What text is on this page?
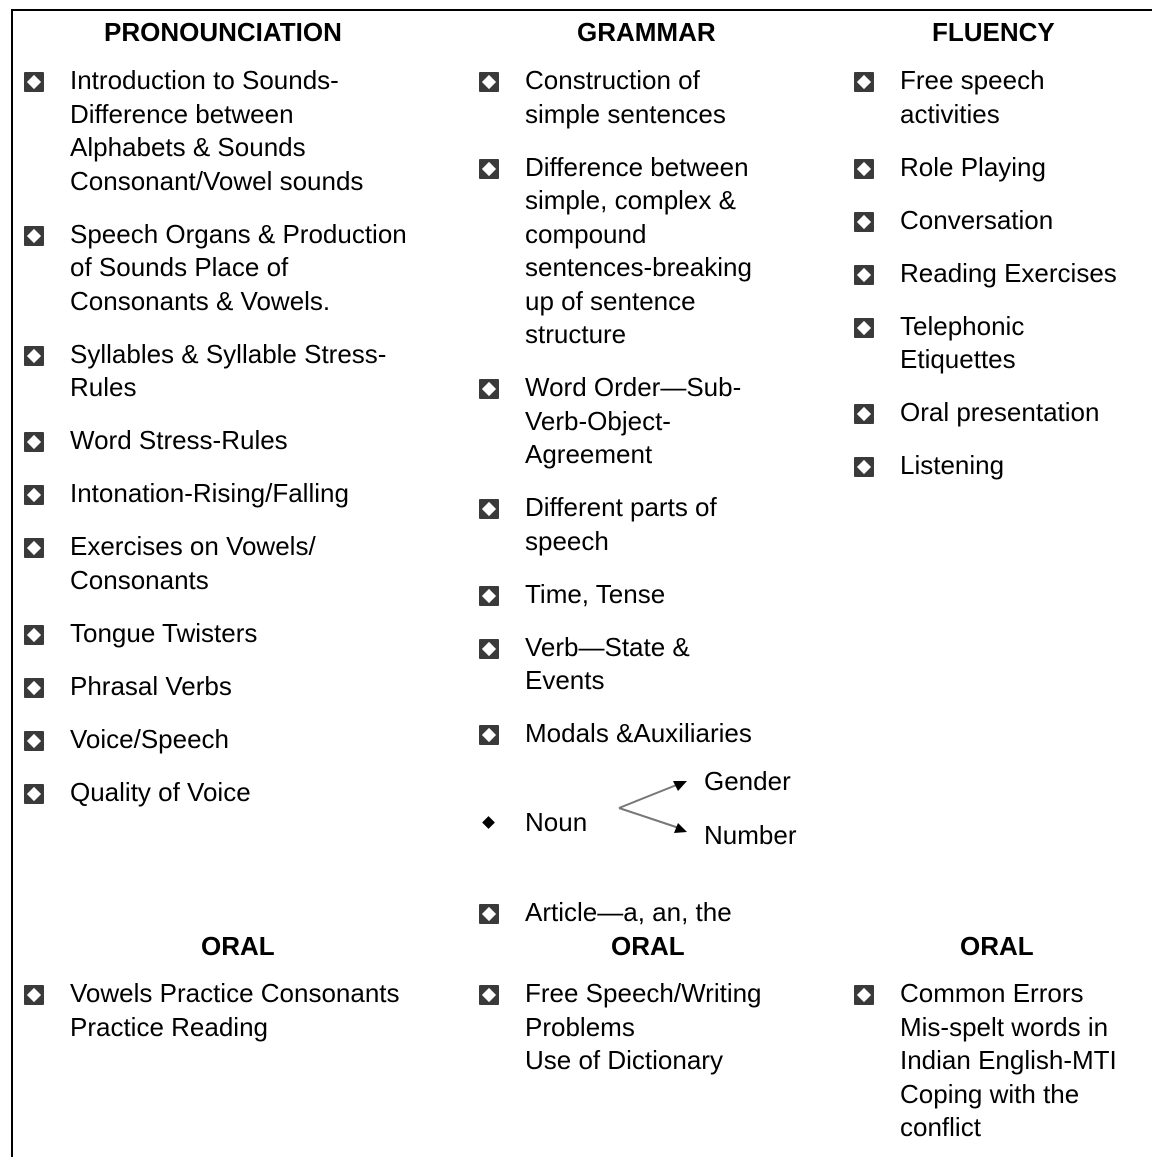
PRONOUNCIATION
Introduction to Sounds-
Difference between
Alphabets & Sounds
Consonant/Vowel sounds
Speech Organs & Production
of Sounds Place of
Consonants & Vowels.
Syllables & Syllable Stress-
Rules
Word Stress-Rules
Intonation-Rising/Falling
Exercises on Vowels/
Consonants
Tongue Twisters
Phrasal Verbs
Voice/Speech
Quality of Voice
ORAL
Vowels Practice Consonants
Practice Reading
GRAMMAR
Construction of
simple sentences
Difference between
simple, complex &
compound
sentences-breaking
up of sentence
structure
Word Order—Sub-
Verb-Object-
Agreement
Different parts of
speech
Time, Tense
Verb—State &
Events
Modals &Auxiliaries
Noun
Gender
Number
Article—a, an, the
ORAL
Free Speech/Writing
Problems
Use of Dictionary
FLUENCY
Free speech
activities
Role Playing
Conversation
Reading Exercises
Telephonic
Etiquettes
Oral presentation
Listening
ORAL
Common Errors
Mis-spelt words in
Indian English-MTI
Coping with the
conflict
